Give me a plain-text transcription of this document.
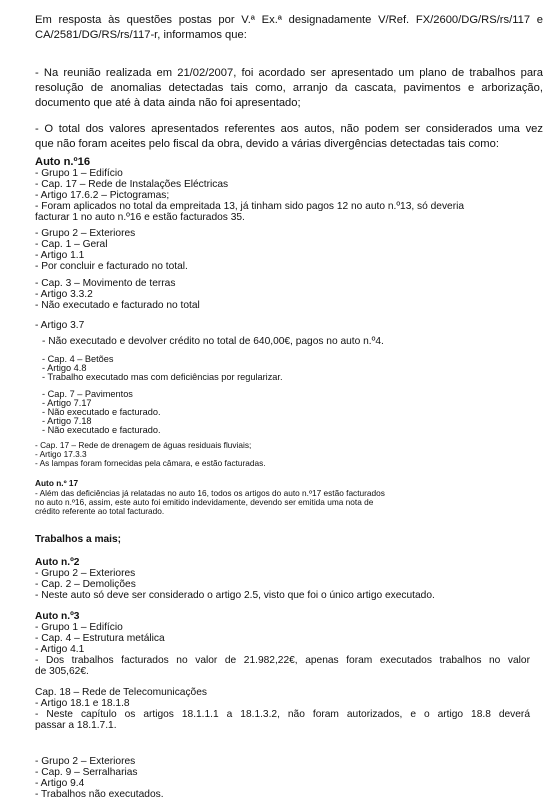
Em resposta às questões postas por V.ª Ex.ª designadamente V/Ref. FX/2600/DG/RS/rs/117 e
CA/2581/DG/RS/rs/117-r, informamos que:
- Na reunião realizada em 21/02/2007, foi acordado ser apresentado um plano de trabalhos para
resolução de anomalias detectadas tais como, arranjo da cascata, pavimentos e arborização,
documento que até à data ainda não foi apresentado;
- O total dos valores apresentados referentes aos autos, não podem ser considerados uma vez
que não foram aceites pelo fiscal da obra, devido a várias divergências detectadas tais como:
Auto n.º16
- Grupo 1 – Edifício
- Cap. 17 – Rede de Instalações Eléctricas
- Artigo 17.6.2 – Pictogramas;
- Foram aplicados no total da empreitada 13, já tinham sido pagos 12 no auto n.º13, só deveria
facturar 1 no auto n.º16 e estão facturados 35.
- Grupo 2 – Exteriores
- Cap. 1 – Geral
- Artigo 1.1
- Por concluir e facturado no total.
- Cap. 3 – Movimento de terras
- Artigo 3.3.2
- Não executado e facturado no total
- Artigo 3.7
- Não executado e devolver crédito no total de 640,00€, pagos no auto n.º4.
- Cap. 4 – Betões
- Artigo 4.8
- Trabalho executado mas com deficiências por regularizar.
- Cap. 7 – Pavimentos
- Artigo 7.17
- Não executado e facturado.
- Artigo 7.18
- Não executado e facturado.
- Cap. 17 – Rede de drenagem de águas residuais fluviais;
- Artigo 17.3.3
- As lampas foram fornecidas pela câmara, e estão facturadas.
Auto n.º 17
- Além das deficiências já relatadas no auto 16, todos os artigos do auto n.º17 estão facturados
no auto n.º16, assim, este auto foi emitido indevidamente, devendo ser emitida uma nota de
crédito referente ao total facturado.
Trabalhos a mais;
Auto n.º2
- Grupo 2 – Exteriores
- Cap. 2 – Demolições
- Neste auto só deve ser considerado o artigo 2.5, visto que foi o único artigo executado.
Auto n.º3
- Grupo 1 – Edifício
- Cap. 4 – Estrutura metálica
- Artigo 4.1
- Dos trabalhos facturados no valor de 21.982,22€, apenas foram executados trabalhos no valor
de 305,62€.
Cap. 18 – Rede de Telecomunicações
- Artigo 18.1 e 18.1.8
- Neste capítulo os artigos 18.1.1.1 a 18.1.3.2, não foram autorizados, e o artigo 18.8 deverá
passar a 18.1.7.1.
- Grupo 2 – Exteriores
- Cap. 9 – Serralharias
- Artigo 9.4
- Trabalhos não executados.
